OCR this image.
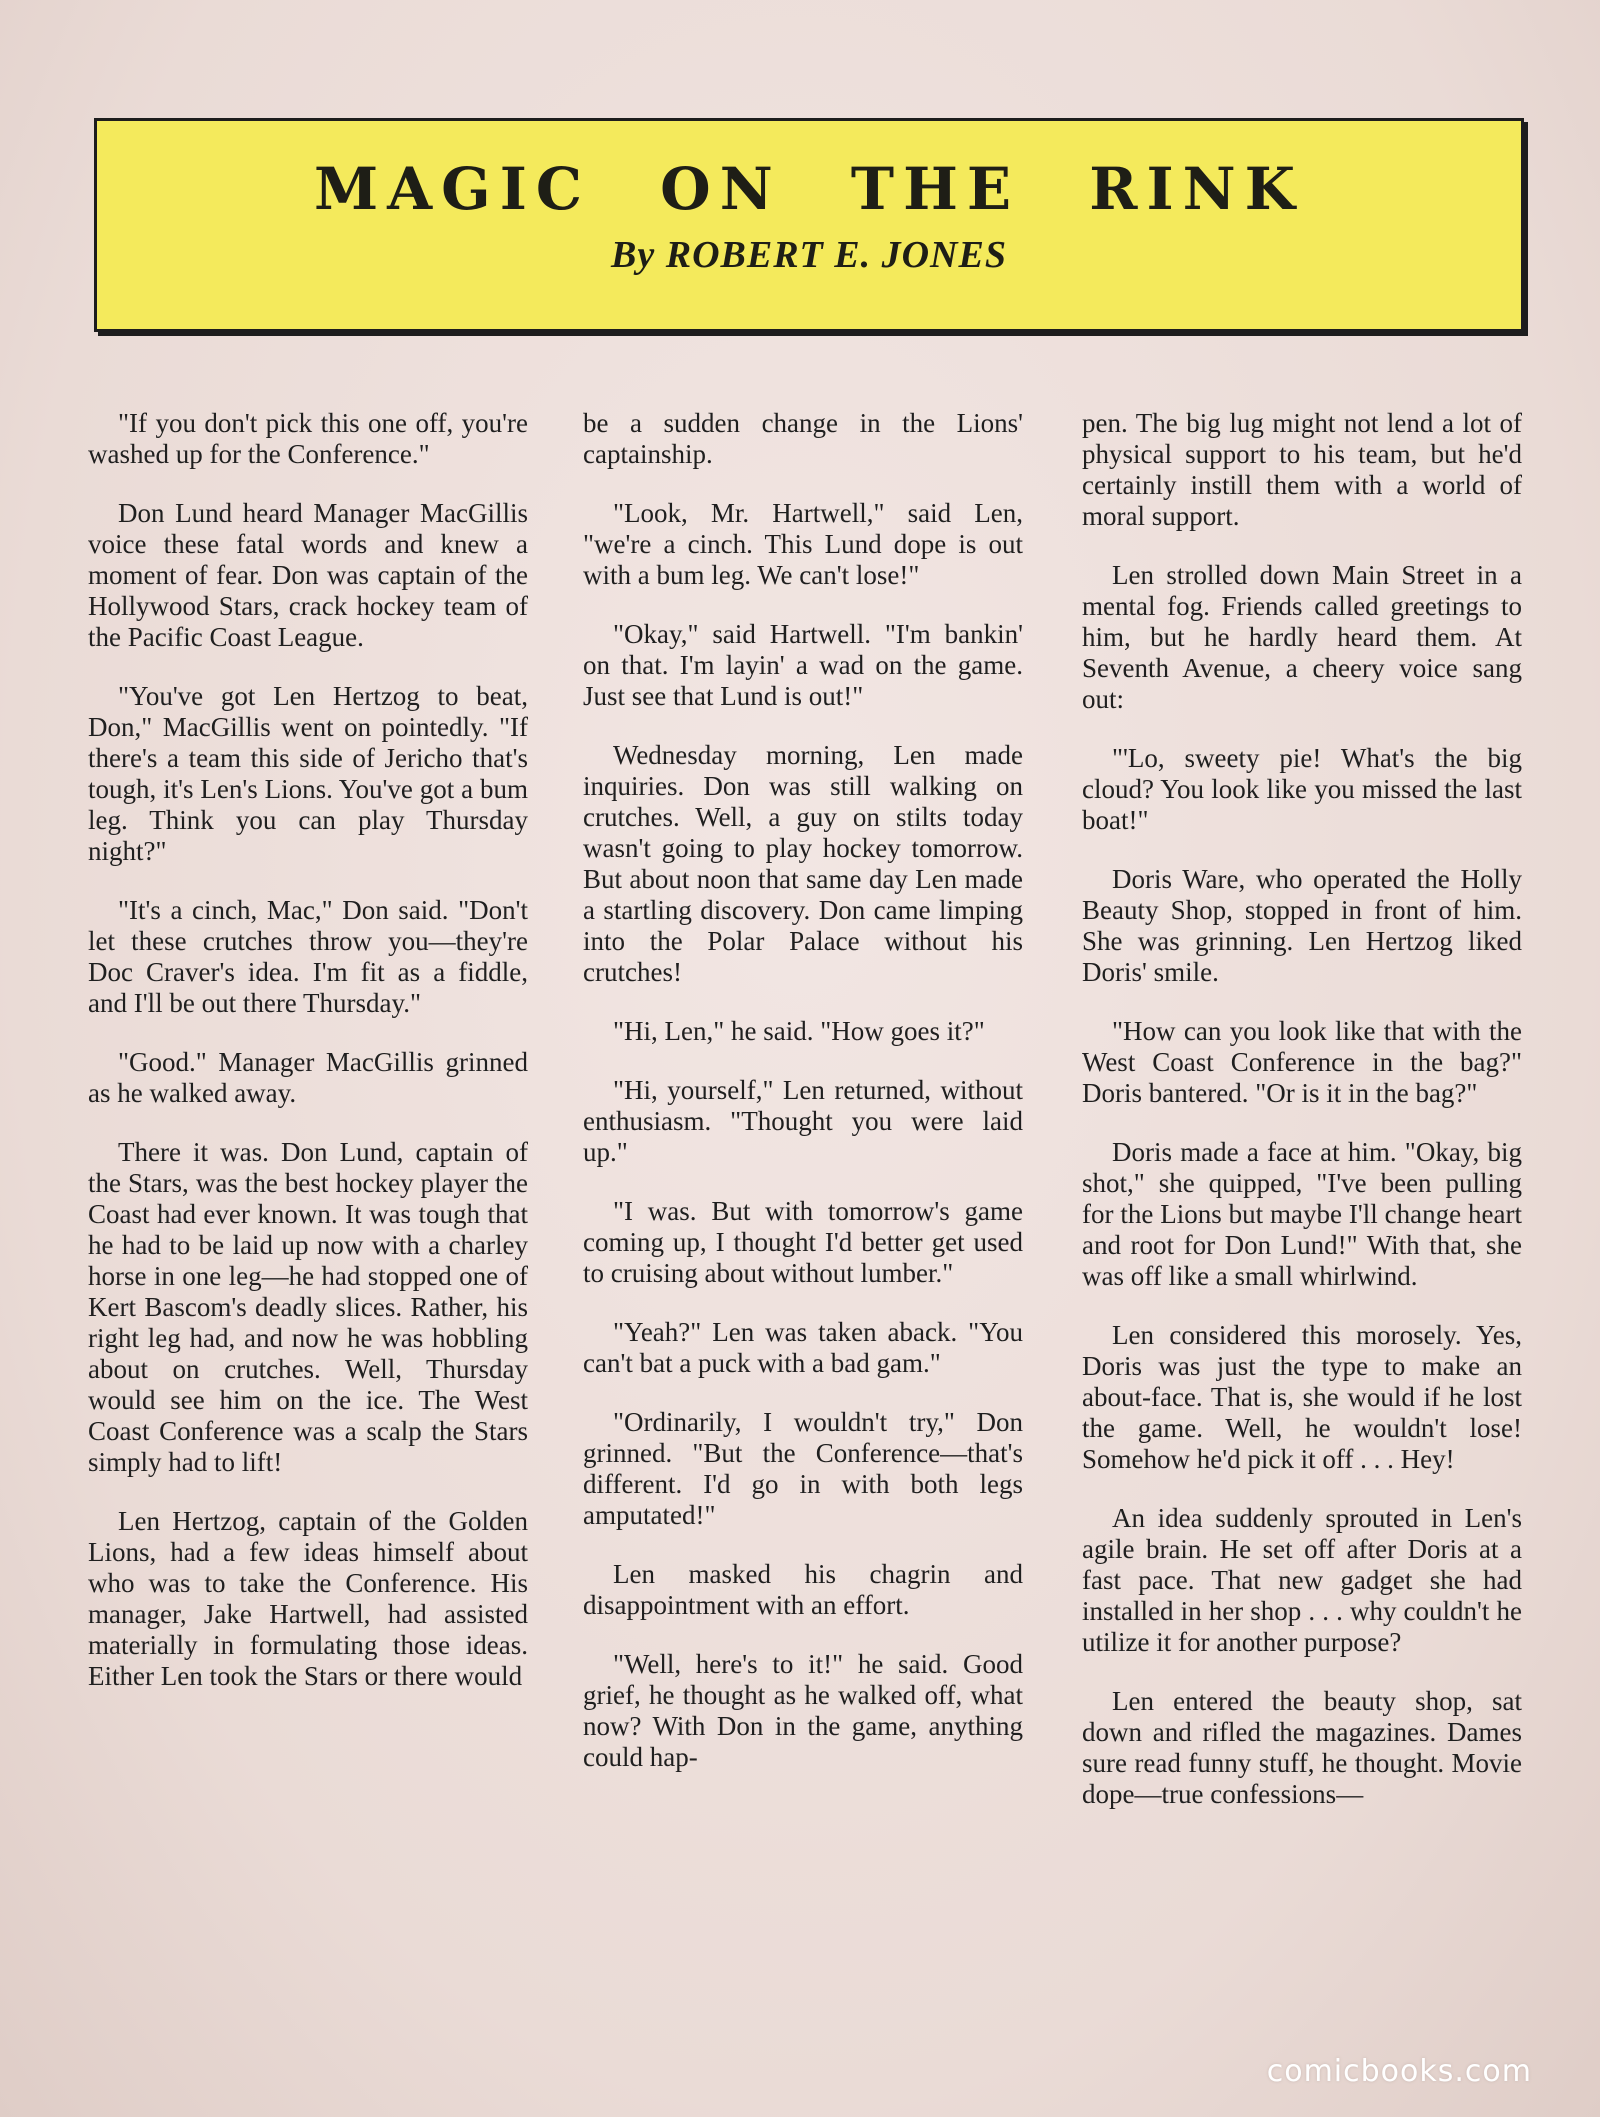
MAGIC ON THE RINK
By ROBERT E. JONES

"If you don't pick this one off, you're washed up for the Conference."

Don Lund heard Manager MacGillis voice these fatal words and knew a moment of fear. Don was captain of the Hollywood Stars, crack hockey team of the Pacific Coast League.

"You've got Len Hertzog to beat, Don," MacGillis went on pointedly. "If there's a team this side of Jericho that's tough, it's Len's Lions. You've got a bum leg. Think you can play Thursday night?"

"It's a cinch, Mac," Don said. "Don't let these crutches throw you—they're Doc Craver's idea. I'm fit as a fiddle, and I'll be out there Thursday."

"Good." Manager MacGillis grinned as he walked away.

There it was. Don Lund, captain of the Stars, was the best hockey player the Coast had ever known. It was tough that he had to be laid up now with a charley horse in one leg—he had stopped one of Kert Bascom's deadly slices. Rather, his right leg had, and now he was hobbling about on crutches. Well, Thursday would see him on the ice. The West Coast Conference was a scalp the Stars simply had to lift!

Len Hertzog, captain of the Golden Lions, had a few ideas himself about who was to take the Conference. His manager, Jake Hartwell, had assisted materially in formulating those ideas. Either Len took the Stars or there would

be a sudden change in the Lions' captainship.

"Look, Mr. Hartwell," said Len, "we're a cinch. This Lund dope is out with a bum leg. We can't lose!"

"Okay," said Hartwell. "I'm bankin' on that. I'm layin' a wad on the game. Just see that Lund is out!"

Wednesday morning, Len made inquiries. Don was still walking on crutches. Well, a guy on stilts today wasn't going to play hockey tomorrow. But about noon that same day Len made a startling discovery. Don came limping into the Polar Palace without his crutches!

"Hi, Len," he said. "How goes it?"

"Hi, yourself," Len returned, without enthusiasm. "Thought you were laid up."

"I was. But with tomorrow's game coming up, I thought I'd better get used to cruising about without lumber."

"Yeah?" Len was taken aback. "You can't bat a puck with a bad gam."

"Ordinarily, I wouldn't try," Don grinned. "But the Conference—that's different. I'd go in with both legs amputated!"

Len masked his chagrin and disappointment with an effort.

"Well, here's to it!" he said. Good grief, he thought as he walked off, what now? With Don in the game, anything could hap-

pen. The big lug might not lend a lot of physical support to his team, but he'd certainly instill them with a world of moral support.

Len strolled down Main Street in a mental fog. Friends called greetings to him, but he hardly heard them. At Seventh Avenue, a cheery voice sang out:

"'Lo, sweety pie! What's the big cloud? You look like you missed the last boat!"

Doris Ware, who operated the Holly Beauty Shop, stopped in front of him. She was grinning. Len Hertzog liked Doris' smile.

"How can you look like that with the West Coast Conference in the bag?" Doris bantered. "Or is it in the bag?"

Doris made a face at him. "Okay, big shot," she quipped, "I've been pulling for the Lions but maybe I'll change heart and root for Don Lund!" With that, she was off like a small whirlwind.

Len considered this morosely. Yes, Doris was just the type to make an about-face. That is, she would if he lost the game. Well, he wouldn't lose! Somehow he'd pick it off . . . Hey!

An idea suddenly sprouted in Len's agile brain. He set off after Doris at a fast pace. That new gadget she had installed in her shop . . . why couldn't he utilize it for another purpose?

Len entered the beauty shop, sat down and rifled the magazines. Dames sure read funny stuff, he thought. Movie dope—true confessions—

comicbooks.com
